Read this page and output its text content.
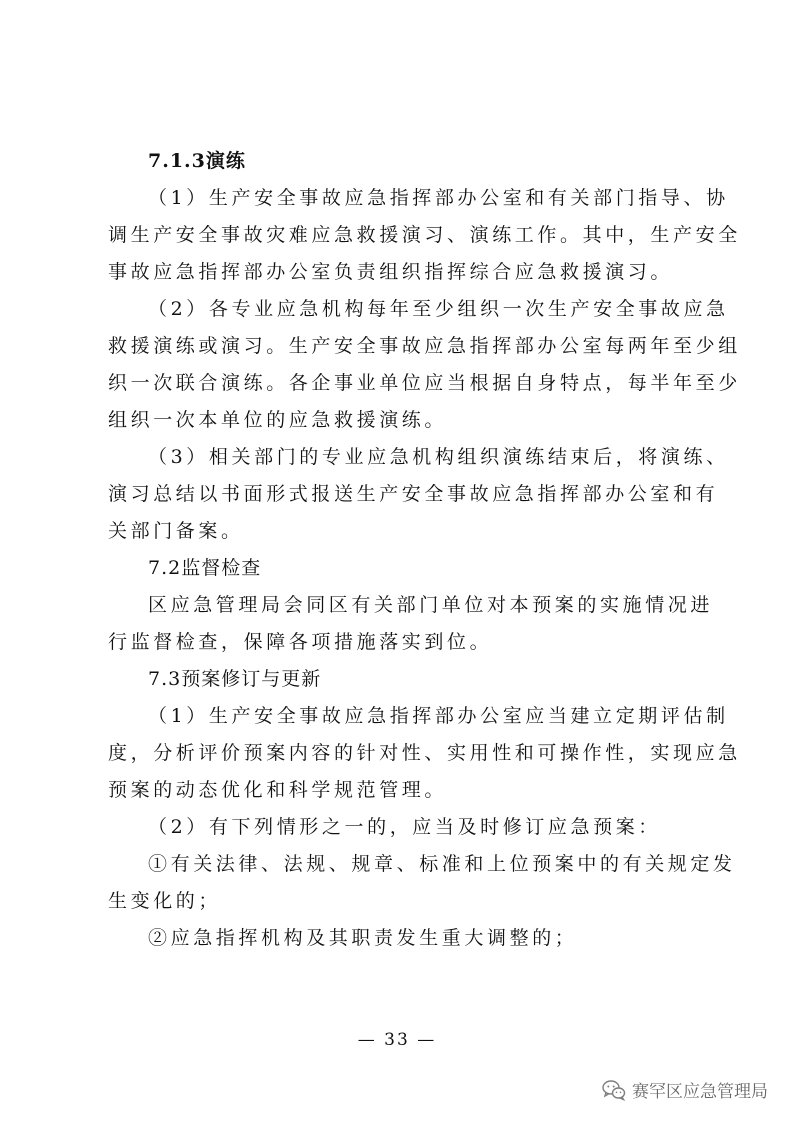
7.1.3演练
（1）生产安全事故应急指挥部办公室和有关部门指导、协
调生产安全事故灾难应急救援演习、演练工作。其中，生产安全
事故应急指挥部办公室负责组织指挥综合应急救援演习。
（2）各专业应急机构每年至少组织一次生产安全事故应急
救援演练或演习。生产安全事故应急指挥部办公室每两年至少组
织一次联合演练。各企事业单位应当根据自身特点，每半年至少
组织一次本单位的应急救援演练。
（3）相关部门的专业应急机构组织演练结束后，将演练、
演习总结以书面形式报送生产安全事故应急指挥部办公室和有
关部门备案。
7.2监督检查
区应急管理局会同区有关部门单位对本预案的实施情况进
行监督检查，保障各项措施落实到位。
7.3预案修订与更新
（1）生产安全事故应急指挥部办公室应当建立定期评估制
度，分析评价预案内容的针对性、实用性和可操作性，实现应急
预案的动态优化和科学规范管理。
（2）有下列情形之一的，应当及时修订应急预案：
①有关法律、法规、规章、标准和上位预案中的有关规定发
生变化的；
②应急指挥机构及其职责发生重大调整的；
— 33 —
赛罕区应急管理局
